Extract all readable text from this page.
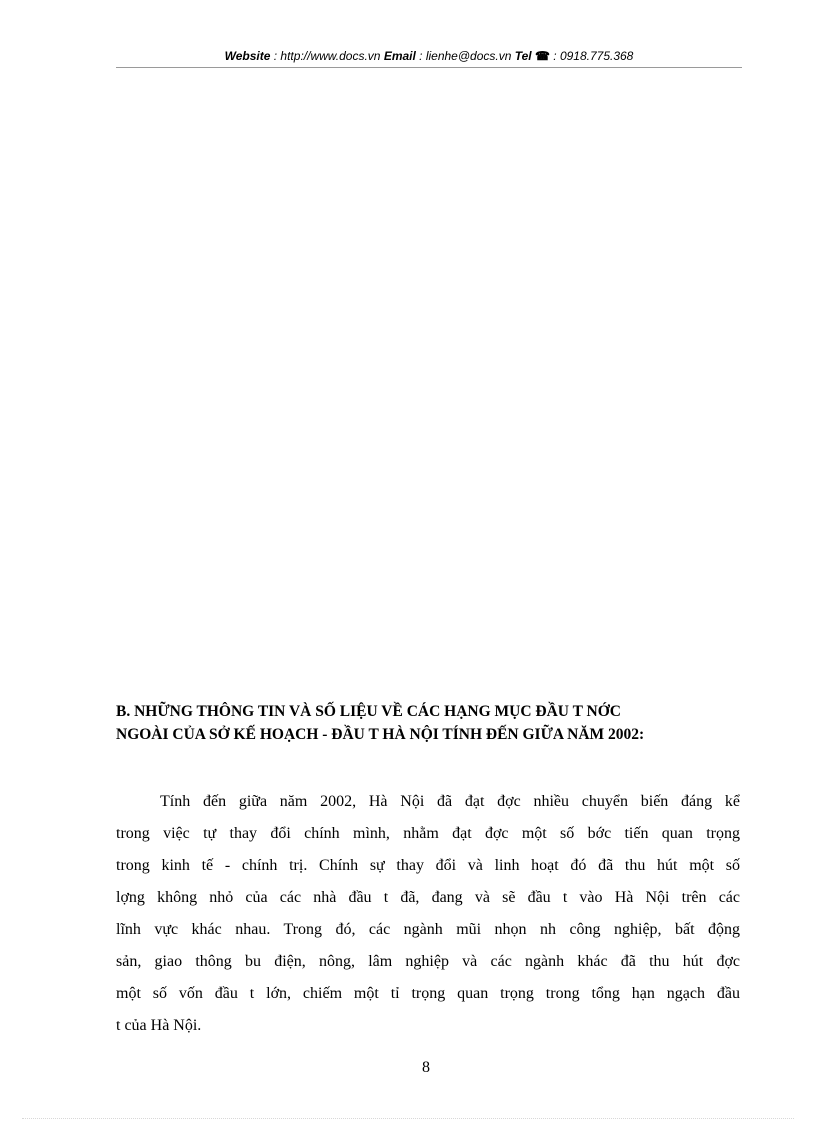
Website : http://www.docs.vn Email : lienhe@docs.vn Tel ☎ : 0918.775.368
B. NHỮNG THÔNG TIN VÀ SỐ LIỆU VỀ CÁC HẠNG MỤC ĐẦU T NỚC
NGOÀI CỦA SỞ KẾ HOẠCH - ĐẦU T HÀ NỘI TÍNH ĐẾN GIỮA NĂM 2002:
Tính đến giữa năm 2002, Hà Nội đã đạt đợc nhiều chuyển biến đáng kể
trong việc tự thay đổi chính mình, nhằm đạt đợc một số bớc tiến quan trọng
trong kinh tế - chính trị. Chính sự thay đổi và linh hoạt đó đã thu hút một số
lợng không nhỏ của các nhà đầu t đã, đang và sẽ đầu t vào Hà Nội trên các
lĩnh vực khác nhau. Trong đó, các ngành mũi nhọn nh công nghiệp, bất động
sản, giao thông bu điện, nông, lâm nghiệp và các ngành khác đã thu hút đợc
một số vốn đầu t lớn, chiếm một tỉ trọng quan trọng trong tổng hạn ngạch đầu
t của Hà Nội.
8
